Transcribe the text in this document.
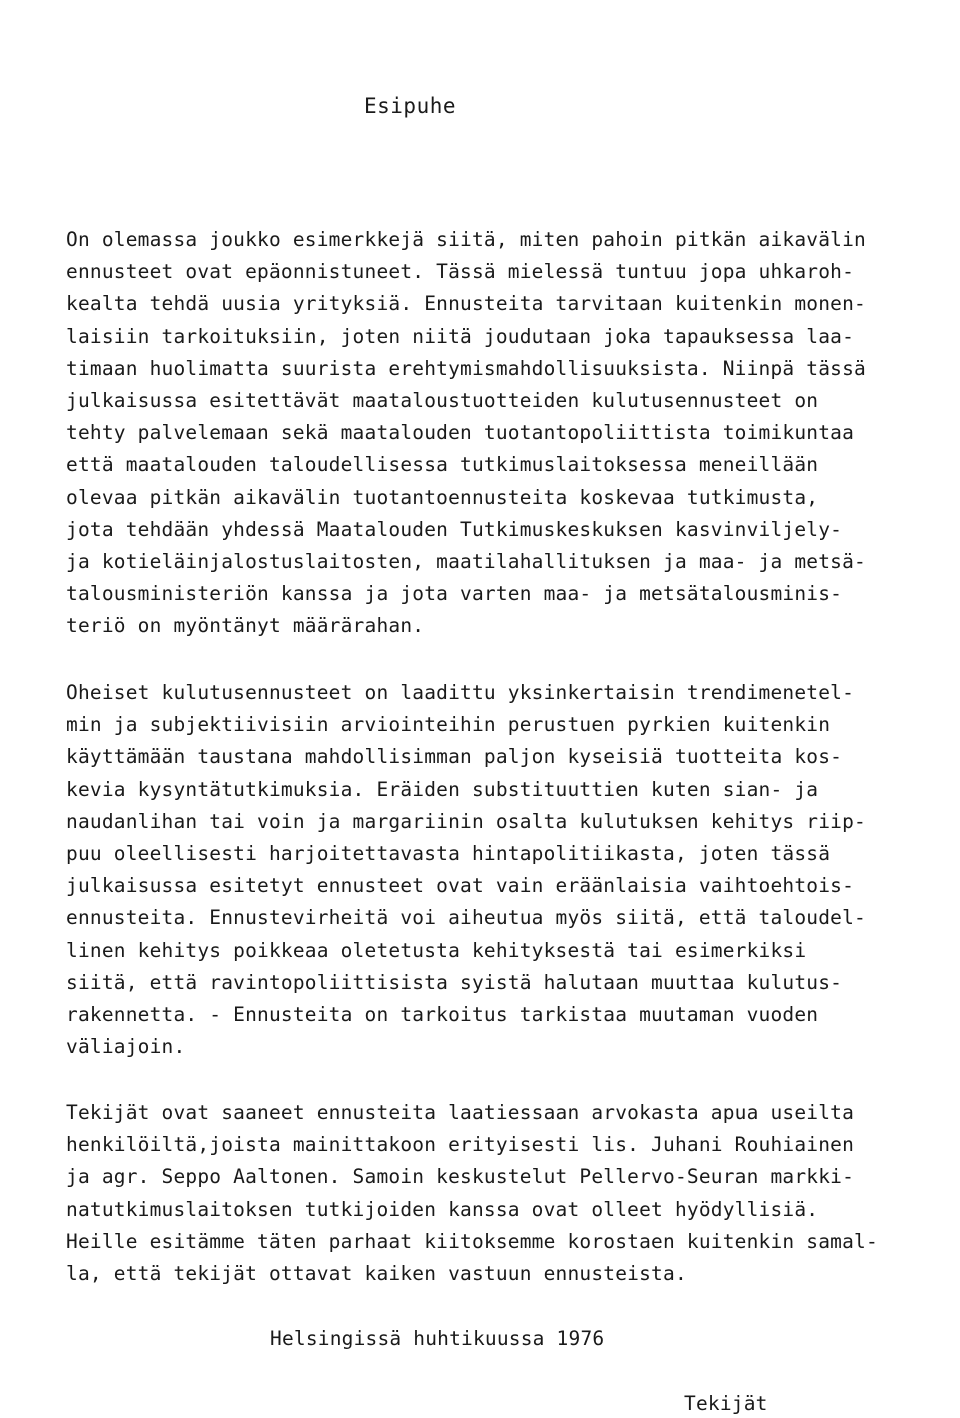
Esipuhe
On olemassa joukko esimerkkejä siitä, miten pahoin pitkän aikavälin
ennusteet ovat epäonnistuneet. Tässä mielessä tuntuu jopa uhkaroh-
kealta tehdä uusia yrityksiä. Ennusteita tarvitaan kuitenkin monen-
laisiin tarkoituksiin, joten niitä joudutaan joka tapauksessa laa-
timaan huolimatta suurista erehtymismahdollisuuksista. Niinpä tässä
julkaisussa esitettävät maataloustuotteiden kulutusennusteet on
tehty palvelemaan sekä maatalouden tuotantopoliittista toimikuntaa
että maatalouden taloudellisessa tutkimuslaitoksessa meneillään
olevaa pitkän aikavälin tuotantoennusteita koskevaa tutkimusta,
jota tehdään yhdessä Maatalouden Tutkimuskeskuksen kasvinviljely-
ja kotieläinjalostuslaitosten, maatilahallituksen ja maa- ja metsä-
talousministeriön kanssa ja jota varten maa- ja metsätalousminis-
teriö on myöntänyt määrärahan.
Oheiset kulutusennusteet on laadittu yksinkertaisin trendimenetel-
min ja subjektiivisiin arviointeihin perustuen pyrkien kuitenkin
käyttämään taustana mahdollisimman paljon kyseisiä tuotteita kos-
kevia kysyntätutkimuksia. Eräiden substituuttien kuten sian- ja
naudanlihan tai voin ja margariinin osalta kulutuksen kehitys riip-
puu oleellisesti harjoitettavasta hintapolitiikasta, joten tässä
julkaisussa esitetyt ennusteet ovat vain eräänlaisia vaihtoehtois-
ennusteita. Ennustevirheitä voi aiheutua myös siitä, että taloudel-
linen kehitys poikkeaa oletetusta kehityksestä tai esimerkiksi
siitä, että ravintopoliittisista syistä halutaan muuttaa kulutus-
rakennetta. - Ennusteita on tarkoitus tarkistaa muutaman vuoden
väliajoin.
Tekijät ovat saaneet ennusteita laatiessaan arvokasta apua useilta
henkilöiltä,joista mainittakoon erityisesti lis. Juhani Rouhiainen
ja agr. Seppo Aaltonen. Samoin keskustelut Pellervo-Seuran markki-
natutkimuslaitoksen tutkijoiden kanssa ovat olleet hyödyllisiä.
Heille esitämme täten parhaat kiitoksemme korostaen kuitenkin samal-
la, että tekijät ottavat kaiken vastuun ennusteista.
Helsingissä huhtikuussa 1976
Tekijät
